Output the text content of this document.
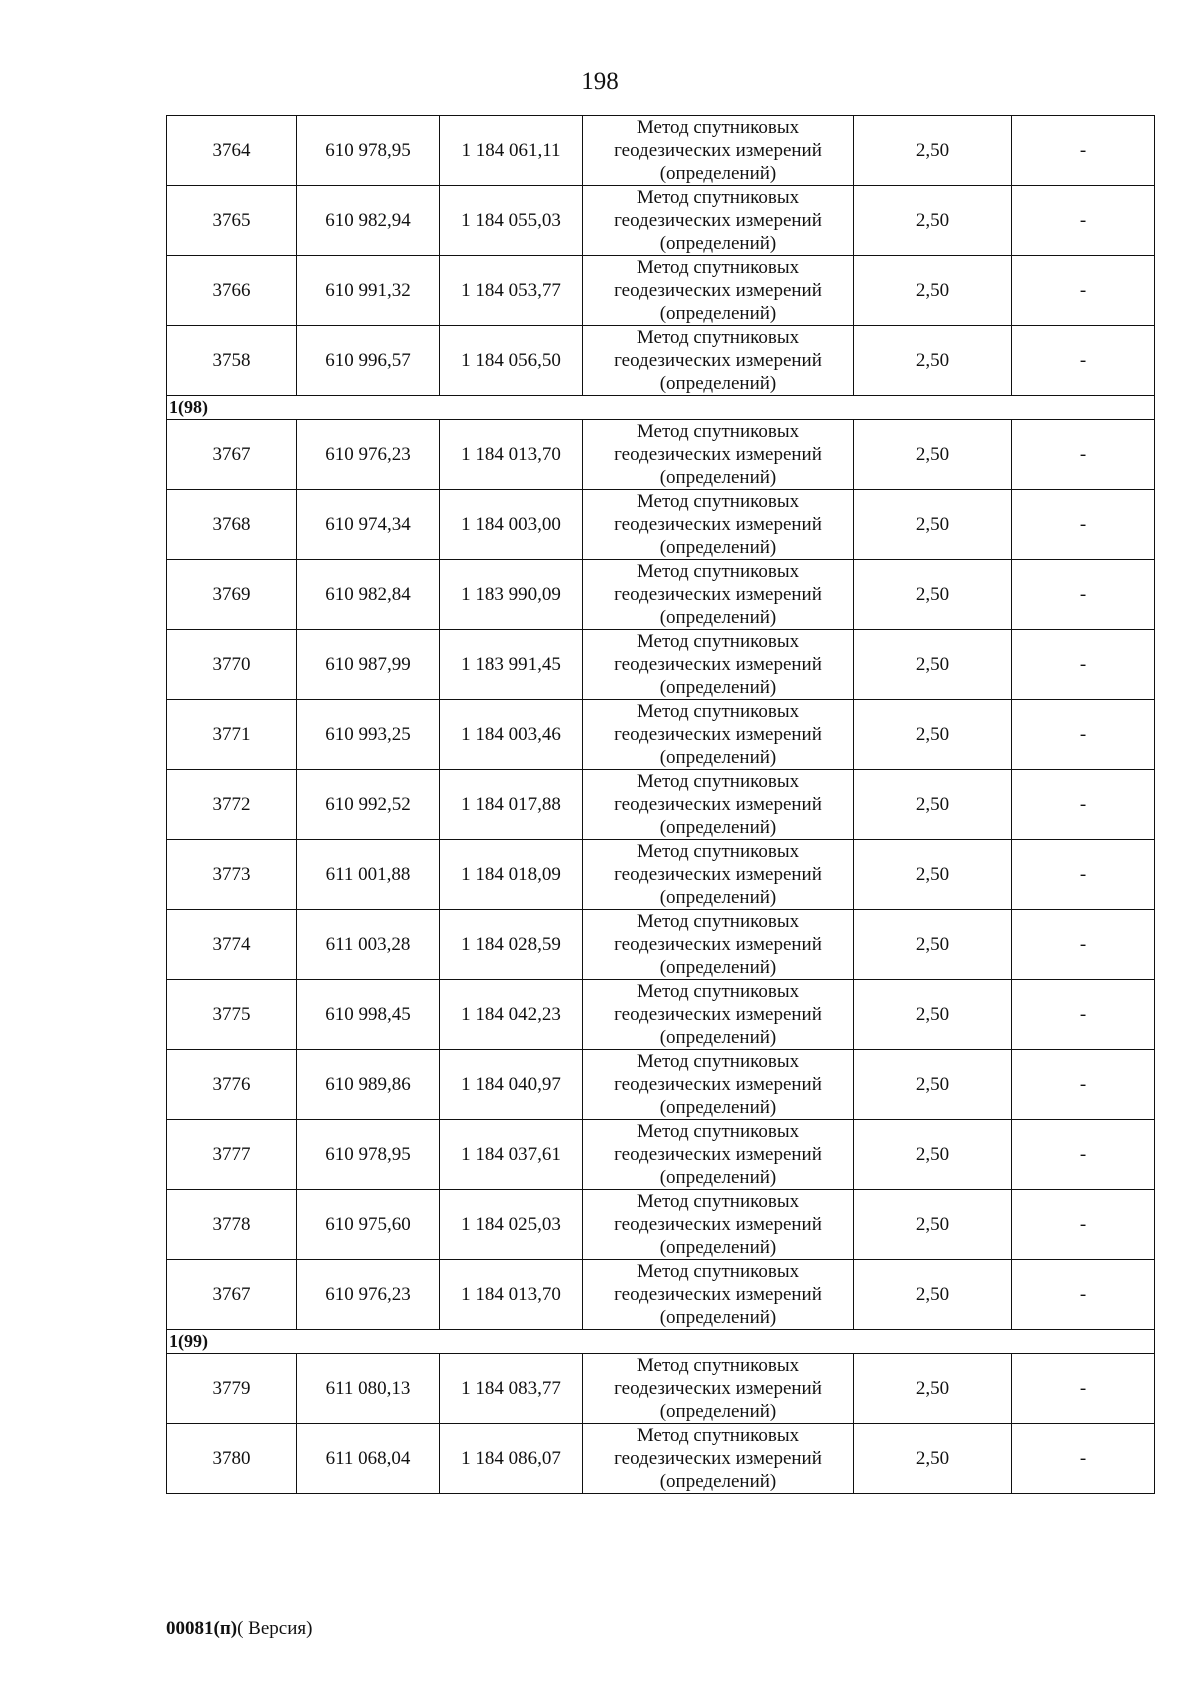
198
3764	610 978,95	1 184 061,11	Метод спутниковых геодезических измерений (определений)	2,50	-
3765	610 982,94	1 184 055,03	Метод спутниковых геодезических измерений (определений)	2,50	-
3766	610 991,32	1 184 053,77	Метод спутниковых геодезических измерений (определений)	2,50	-
3758	610 996,57	1 184 056,50	Метод спутниковых геодезических измерений (определений)	2,50	-
1(98)					
3767	610 976,23	1 184 013,70	Метод спутниковых геодезических измерений (определений)	2,50	-
3768	610 974,34	1 184 003,00	Метод спутниковых геодезических измерений (определений)	2,50	-
3769	610 982,84	1 183 990,09	Метод спутниковых геодезических измерений (определений)	2,50	-
3770	610 987,99	1 183 991,45	Метод спутниковых геодезических измерений (определений)	2,50	-
3771	610 993,25	1 184 003,46	Метод спутниковых геодезических измерений (определений)	2,50	-
3772	610 992,52	1 184 017,88	Метод спутниковых геодезических измерений (определений)	2,50	-
3773	611 001,88	1 184 018,09	Метод спутниковых геодезических измерений (определений)	2,50	-
3774	611 003,28	1 184 028,59	Метод спутниковых геодезических измерений (определений)	2,50	-
3775	610 998,45	1 184 042,23	Метод спутниковых геодезических измерений (определений)	2,50	-
3776	610 989,86	1 184 040,97	Метод спутниковых геодезических измерений (определений)	2,50	-
3777	610 978,95	1 184 037,61	Метод спутниковых геодезических измерений (определений)	2,50	-
3778	610 975,60	1 184 025,03	Метод спутниковых геодезических измерений (определений)	2,50	-
3767	610 976,23	1 184 013,70	Метод спутниковых геодезических измерений (определений)	2,50	-
1(99)					
3779	611 080,13	1 184 083,77	Метод спутниковых геодезических измерений (определений)	2,50	-
3780	611 068,04	1 184 086,07	Метод спутниковых геодезических измерений (определений)	2,50	-
00081(п)( Версия)
